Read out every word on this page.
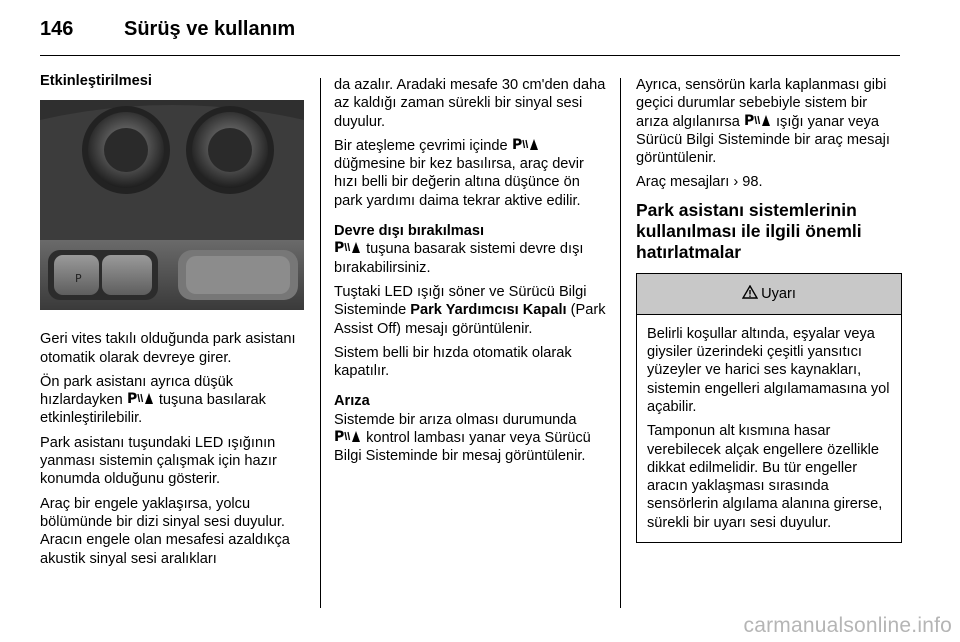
146	Sürüş ve kullanım
Etkinleştirilmesi
P

Geri vites takılı olduğunda park asistanı otomatik olarak devreye girer.

Ön park asistanı ayrıca düşük hızlardayken P tuşuna basılarak etkinleştirilebilir.

Park asistanı tuşundaki LED ışığının yanması sistemin çalışmak için hazır konumda olduğunu gösterir.

Araç bir engele yaklaşırsa, yolcu bölümünde bir dizi sinyal sesi duyulur. Aracın engele olan mesafesi azaldıkça akustik sinyal sesi aralıkları

da azalır. Aradaki mesafe 30 cm'den daha az kaldığı zaman sürekli bir sinyal sesi duyulur.

Bir ateşleme çevrimi içinde P
düğmesine bir kez basılırsa, araç devir hızı belli bir değerin altına düşünce ön park yardımı daima tekrar aktive edilir.

Devre dışı bırakılması

P tuşuna basarak sistemi devre dışı bırakabilirsiniz.

Tuştaki LED ışığı söner ve Sürücü Bilgi Sisteminde Park Yardımcısı Kapalı (Park Assist Off) mesajı görüntülenir.

Sistem belli bir hızda otomatik olarak kapatılır.

Arıza

Sistemde bir arıza olması durumunda
P kontrol lambası yanar veya Sürücü Bilgi Sisteminde bir mesaj görüntülenir.

Ayrıca, sensörün karla kaplanması gibi geçici durumlar sebebiyle sistem bir arıza algılanırsa P ışığı yanar veya Sürücü Bilgi Sisteminde bir araç mesajı görüntülenir.

Araç mesajları › 98.

Park asistanı sistemlerinin kullanılması ile ilgili önemli hatırlatmalar
Uyarı

Belirli koşullar altında, eşyalar veya giysiler üzerindeki çeşitli yansıtıcı yüzeyler ve harici ses kaynakları, sistemin engelleri algılamamasına yol açabilir.

Tamponun alt kısmına hasar verebilecek alçak engellere özellikle dikkat edilmelidir. Bu tür engeller aracın yaklaşması sırasında sensörlerin algılama alanına girerse, sürekli bir uyarı sesi duyulur.

carmanualsonline.info
